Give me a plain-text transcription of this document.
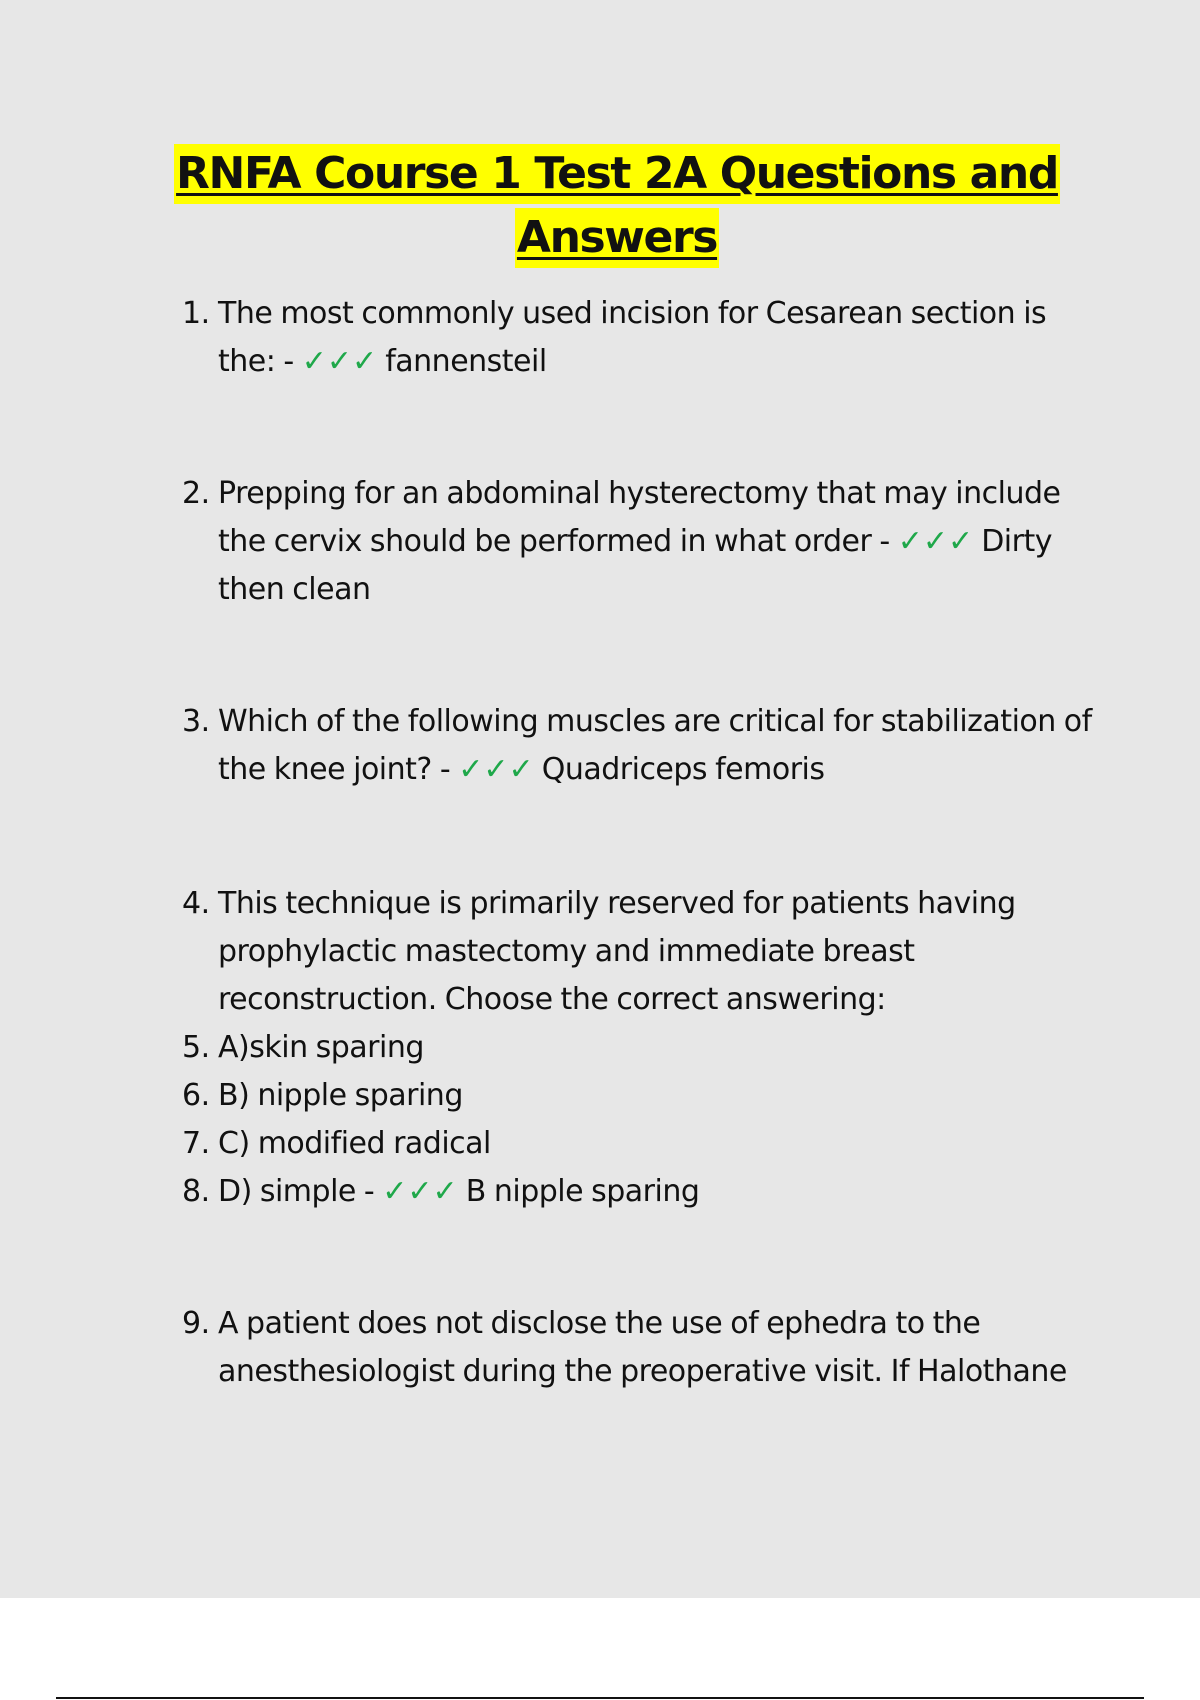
RNFA Course 1 Test 2A Questions and
Answers
1. The most commonly used incision for Cesarean section is the: - ✓✓✓ fannensteil
2. Prepping for an abdominal hysterectomy that may include the cervix should be performed in what order - ✓✓✓ Dirty then clean
3. Which of the following muscles are critical for stabilization of the knee joint? - ✓✓✓ Quadriceps femoris
4. This technique is primarily reserved for patients having prophylactic mastectomy and immediate breast reconstruction. Choose the correct answering:
5. A)skin sparing
6. B) nipple sparing
7. C) modified radical
8. D) simple - ✓✓✓ B nipple sparing
9. A patient does not disclose the use of ephedra to the anesthesiologist during the preoperative visit. If Halothane
